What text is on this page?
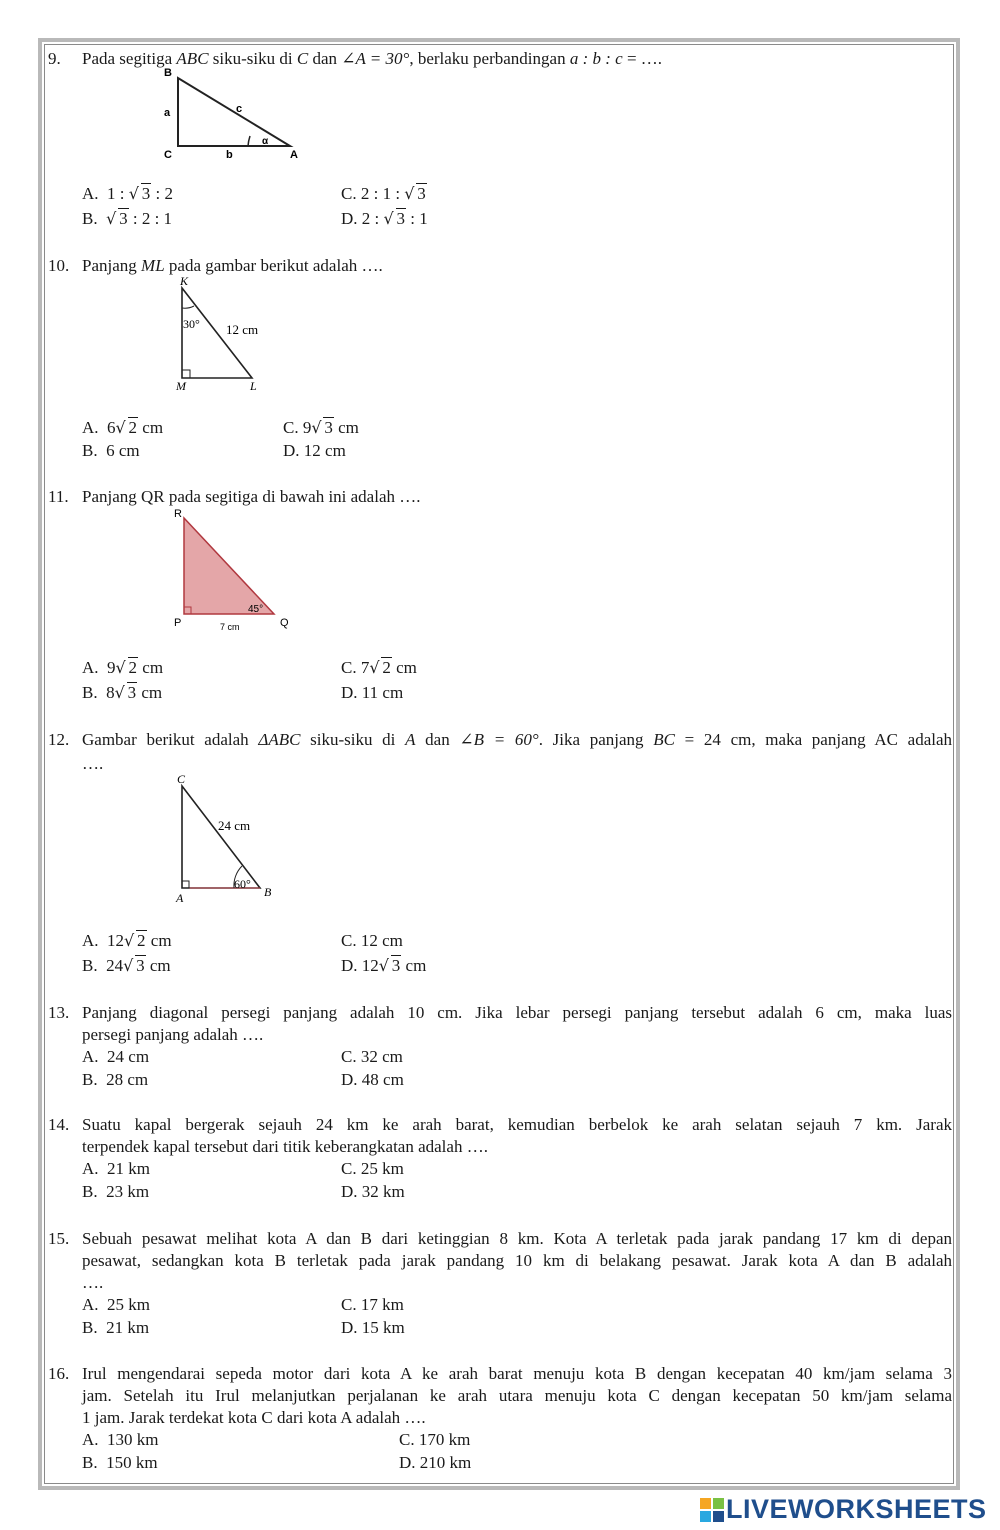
9. Pada segitiga ABC siku-siku di C dan ∠A = 30°, berlaku perbandingan a : b : c = ….
B
a	c
α
C	b	A
A. 1 : √ 3 : 2	C. 2 : 1 : √ 3
B. √ 3 : 2 : 1	D. 2 : √ 3 : 1
10. Panjang ML pada gambar berikut adalah ….
K
30° 12 cm
M	L
A. 6 √ 2 cm	C. 9 √ 3 cm
B. 6 cm	D. 12 cm
11. Panjang QR pada segitiga di bawah ini adalah ….
R
45°
P	7 cm	Q
A. 9 √ 2 cm	C. 7 √ 2 cm
B. 8 √ 3 cm	D. 11 cm
12. Gambar berikut adalah ΔABC siku-siku di A dan ∠B = 60°. Jika panjang BC = 24 cm, maka panjang AC adalah
….
C
24 cm
60°
A	B
A. 12 √ 2 cm	C. 12 cm
B. 24 √ 3 cm	D. 12 √ 3 cm
13. Panjang diagonal persegi panjang adalah 10 cm. Jika lebar persegi panjang tersebut adalah 6 cm, maka luas
persegi panjang adalah ….
A. 24 cm	C. 32 cm
B. 28 cm	D. 48 cm
14. Suatu kapal bergerak sejauh 24 km ke arah barat, kemudian berbelok ke arah selatan sejauh 7 km. Jarak
terpendek kapal tersebut dari titik keberangkatan adalah ….
A. 21 km	C. 25 km
B. 23 km	D. 32 km
15. Sebuah pesawat melihat kota A dan B dari ketinggian 8 km. Kota A terletak pada jarak pandang 17 km di depan
pesawat, sedangkan kota B terletak pada jarak pandang 10 km di belakang pesawat. Jarak kota A dan B adalah
….
A. 25 km	C. 17 km
B. 21 km	D. 15 km
16. Irul mengendarai sepeda motor dari kota A ke arah barat menuju kota B dengan kecepatan 40 km/jam selama 3
jam. Setelah itu Irul melanjutkan perjalanan ke arah utara menuju kota C dengan kecepatan 50 km/jam selama
1 jam. Jarak terdekat kota C dari kota A adalah ….
A. 130 km	C. 170 km
B. 150 km	D. 210 km
LIVEWORKSHEETS
